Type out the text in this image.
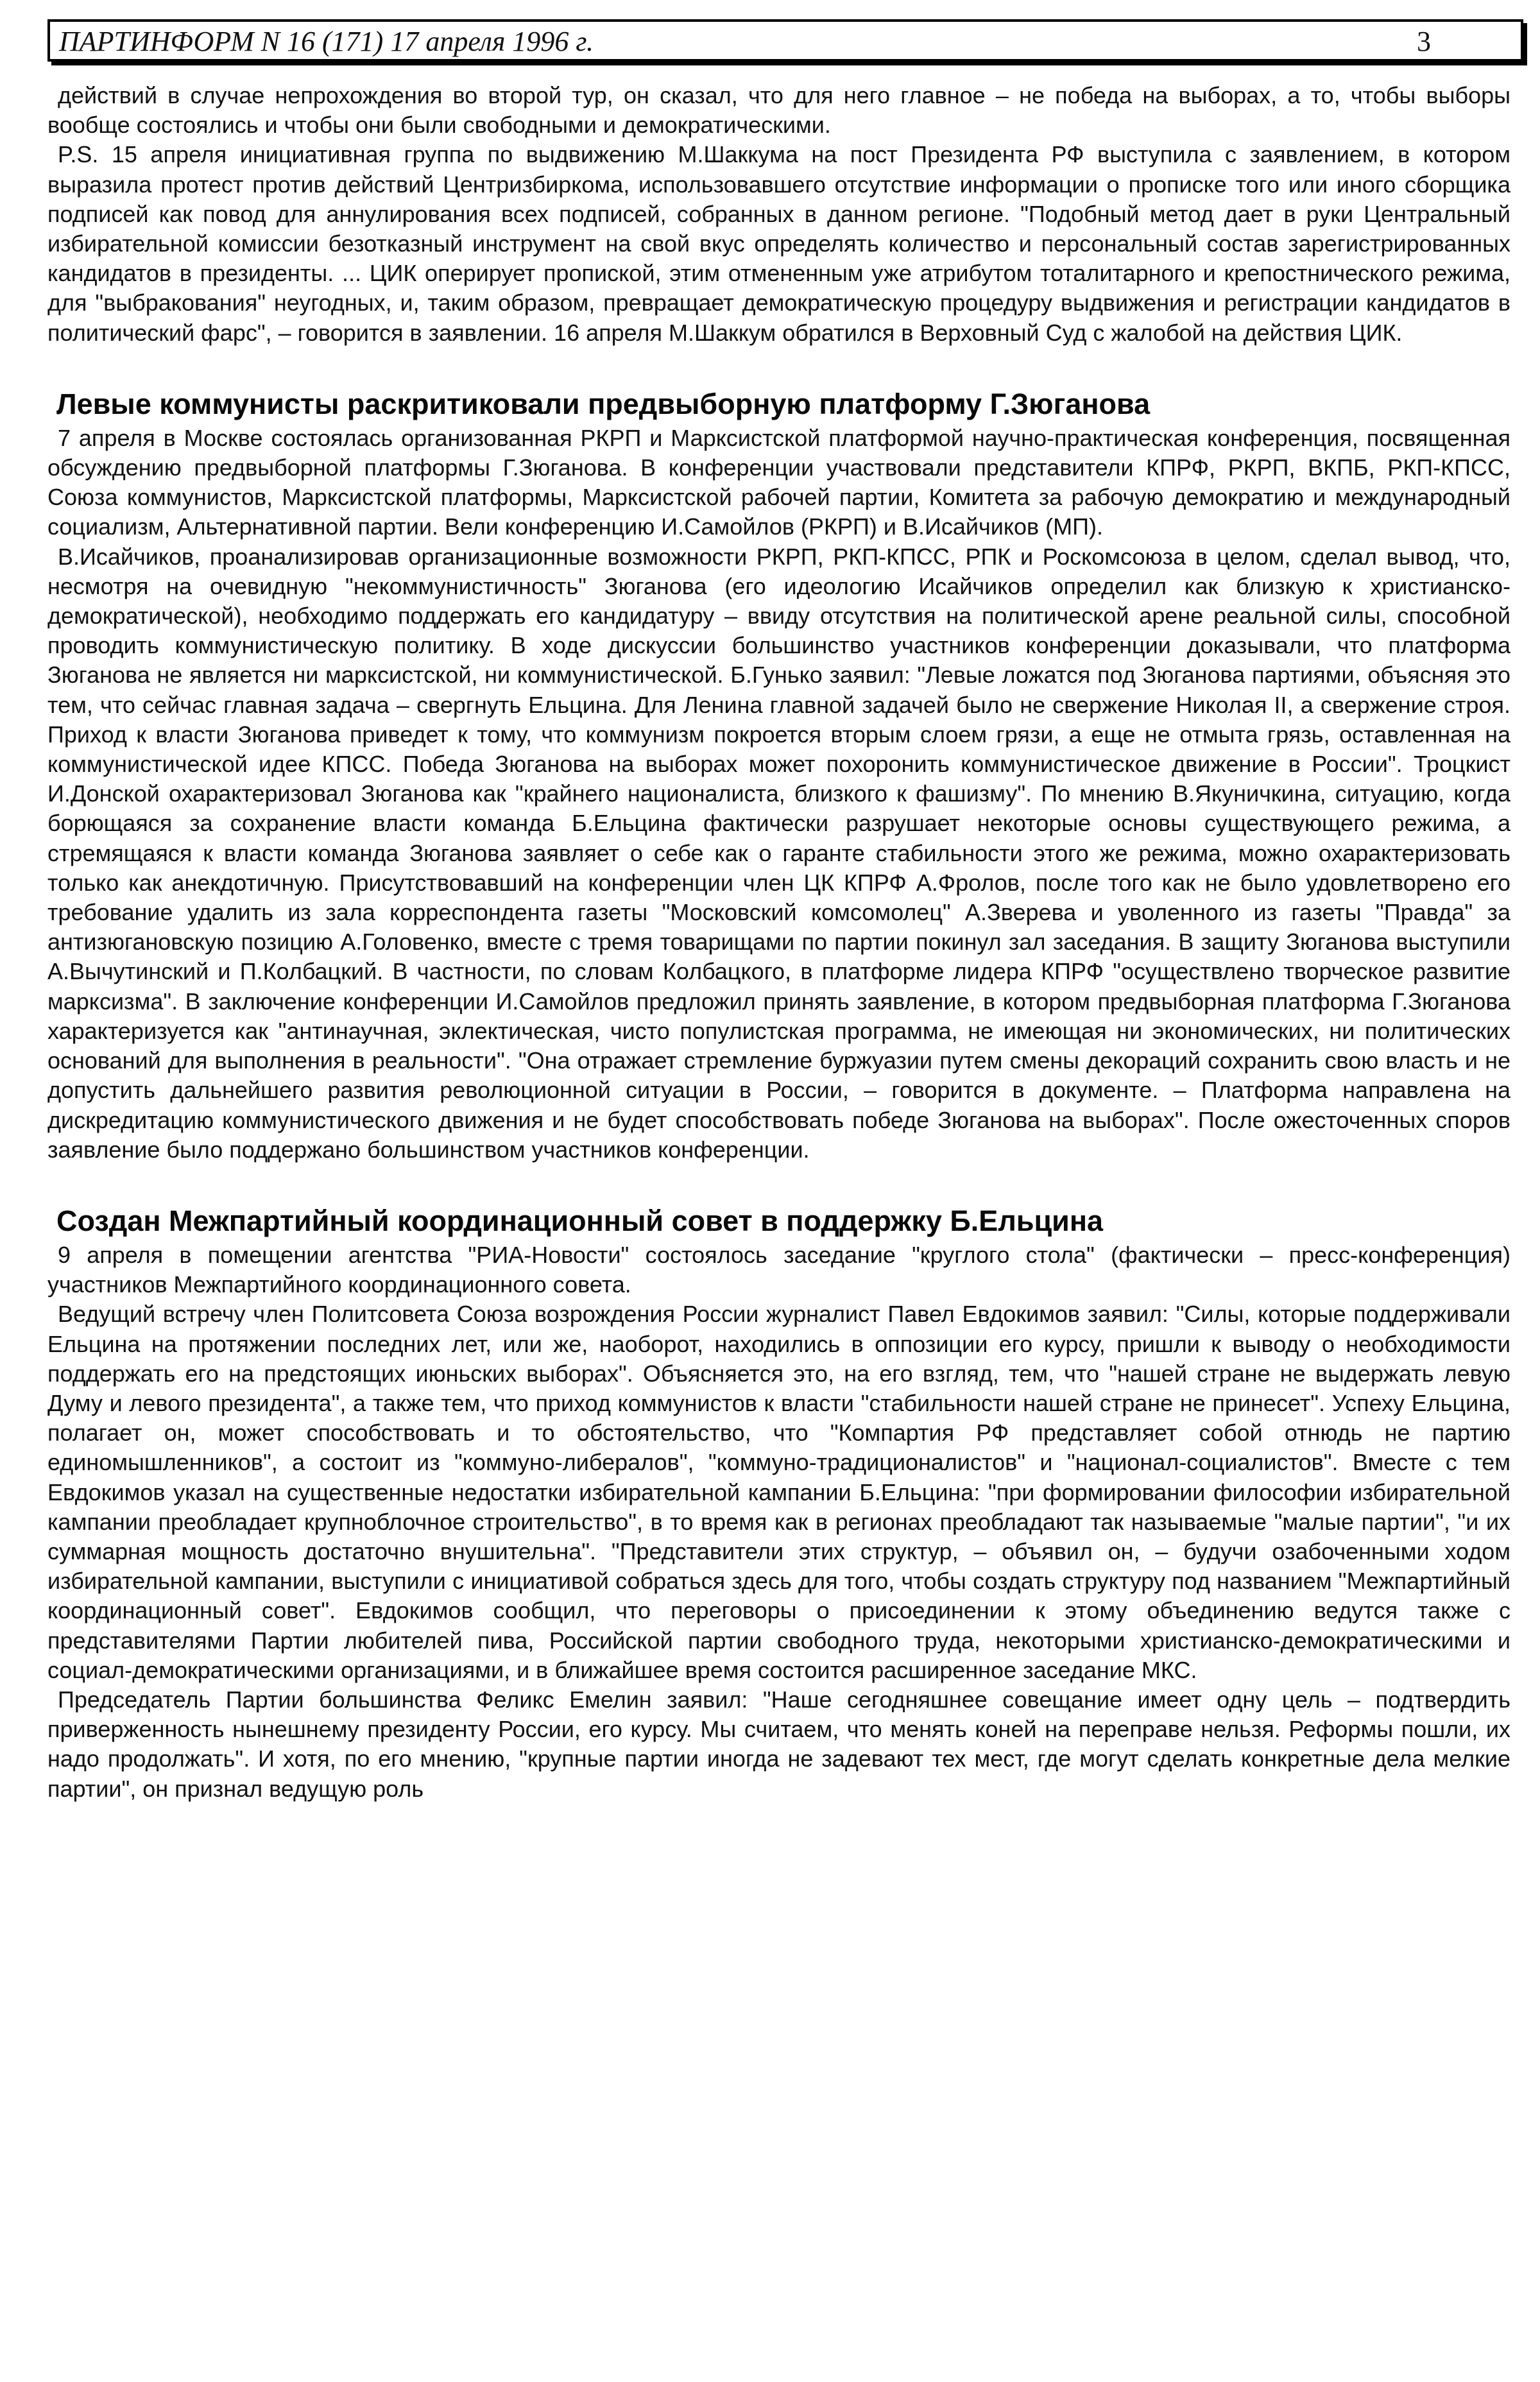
ПАРТИНФОРМ N 16 (171) 17 апреля 1996 г.	3

действий в случае непрохождения во второй тур, он сказал, что для него главное – не победа на выборах, а то, чтобы выборы вообще состоялись и чтобы они были свободными и демократическими.

P.S. 15 апреля инициативная группа по выдвижению М.Шаккума на пост Президента РФ выступила с заявлением, в котором выразила протест против действий Центризбиркома, использовавшего отсутствие информации о прописке того или иного сборщика подписей как повод для аннулирования всех подписей, собранных в данном регионе. "Подобный метод дает в руки Центральный избирательной комиссии безотказный инструмент на свой вкус определять количество и персональный состав зарегистрированных кандидатов в президенты. ... ЦИК оперирует пропиской, этим отмененным уже атрибутом тоталитарного и крепостнического режима, для "выбракования" неугодных, и, таким образом, превращает демократическую процедуру выдвижения и регистрации кандидатов в политический фарс", – говорится в заявлении. 16 апреля М.Шаккум обратился в Верховный Суд с жалобой на действия ЦИК.

Левые коммунисты раскритиковали предвыборную платформу Г.Зюганова

7 апреля в Москве состоялась организованная РКРП и Марксистской платформой научно-практическая конференция, посвященная обсуждению предвыборной платформы Г.Зюганова. В конференции участвовали представители КПРФ, РКРП, ВКПБ, РКП-КПСС, Союза коммунистов, Марксистской платформы, Марксистской рабочей партии, Комитета за рабочую демократию и международный социализм, Альтернативной партии. Вели конференцию И.Самойлов (РКРП) и В.Исайчиков (МП).

В.Исайчиков, проанализировав организационные возможности РКРП, РКП-КПСС, РПК и Роскомсоюза в целом, сделал вывод, что, несмотря на очевидную "некоммунистичность" Зюганова (его идеологию Исайчиков определил как близкую к христианско-демократической), необходимо поддержать его кандидатуру – ввиду отсутствия на политической арене реальной силы, способной проводить коммунистическую политику. В ходе дискуссии большинство участников конференции доказывали, что платформа Зюганова не является ни марксистской, ни коммунистической. Б.Гунько заявил: "Левые ложатся под Зюганова партиями, объясняя это тем, что сейчас главная задача – свергнуть Ельцина. Для Ленина главной задачей было не свержение Николая II, а свержение строя. Приход к власти Зюганова приведет к тому, что коммунизм покроется вторым слоем грязи, а еще не отмыта грязь, оставленная на коммунистической идее КПСС. Победа Зюганова на выборах может похоронить коммунистическое движение в России". Троцкист И.Донской охарактеризовал Зюганова как "крайнего националиста, близкого к фашизму". По мнению В.Якуничкина, ситуацию, когда борющаяся за сохранение власти команда Б.Ельцина фактически разрушает некоторые основы существующего режима, а стремящаяся к власти команда Зюганова заявляет о себе как о гаранте стабильности этого же режима, можно охарактеризовать только как анекдотичную. Присутствовавший на конференции член ЦК КПРФ А.Фролов, после того как не было удовлетворено его требование удалить из зала корреспондента газеты "Московский комсомолец" А.Зверева и уволенного из газеты "Правда" за антизюгановскую позицию А.Головенко, вместе с тремя товарищами по партии покинул зал заседания. В защиту Зюганова выступили А.Вычутинский и П.Колбацкий. В частности, по словам Колбацкого, в платформе лидера КПРФ "осуществлено творческое развитие марксизма". В заключение конференции И.Самойлов предложил принять заявление, в котором предвыборная платформа Г.Зюганова характеризуется как "антинаучная, эклектическая, чисто популистская программа, не имеющая ни экономических, ни политических оснований для выполнения в реальности". "Она отражает стремление буржуазии путем смены декораций сохранить свою власть и не допустить дальнейшего развития революционной ситуации в России, – говорится в документе. – Платформа направлена на дискредитацию коммунистического движения и не будет способствовать победе Зюганова на выборах". После ожесточенных споров заявление было поддержано большинством участников конференции.

Создан Межпартийный координационный совет в поддержку Б.Ельцина

9 апреля в помещении агентства "РИА-Новости" состоялось заседание "круглого стола" (фактически – пресс-конференция) участников Межпартийного координационного совета.

Ведущий встречу член Политсовета Союза возрождения России журналист Павел Евдокимов заявил: "Силы, которые поддерживали Ельцина на протяжении последних лет, или же, наоборот, находились в оппозиции его курсу, пришли к выводу о необходимости поддержать его на предстоящих июньских выборах". Объясняется это, на его взгляд, тем, что "нашей стране не выдержать левую Думу и левого президента", а также тем, что приход коммунистов к власти "стабильности нашей стране не принесет". Успеху Ельцина, полагает он, может способствовать и то обстоятельство, что "Компартия РФ представляет собой отнюдь не партию единомышленников", а состоит из "коммуно-либералов", "коммуно-традиционалистов" и "национал-социалистов". Вместе с тем Евдокимов указал на существенные недостатки избирательной кампании Б.Ельцина: "при формировании философии избирательной кампании преобладает крупноблочное строительство", в то время как в регионах преобладают так называемые "малые партии", "и их суммарная мощность достаточно внушительна". "Представители этих структур, – объявил он, – будучи озабоченными ходом избирательной кампании, выступили с инициативой собраться здесь для того, чтобы создать структуру под названием "Межпартийный координационный совет". Евдокимов сообщил, что переговоры о присоединении к этому объединению ведутся также с представителями Партии любителей пива, Российской партии свободного труда, некоторыми христианско-демократическими и социал-демократическими организациями, и в ближайшее время состоится расширенное заседание МКС.

Председатель Партии большинства Феликс Емелин заявил: "Наше сегодняшнее совещание имеет одну цель – подтвердить приверженность нынешнему президенту России, его курсу. Мы считаем, что менять коней на переправе нельзя. Реформы пошли, их надо продолжать". И хотя, по его мнению, "крупные партии иногда не задевают тех мест, где могут сделать конкретные дела мелкие партии", он признал ведущую роль
